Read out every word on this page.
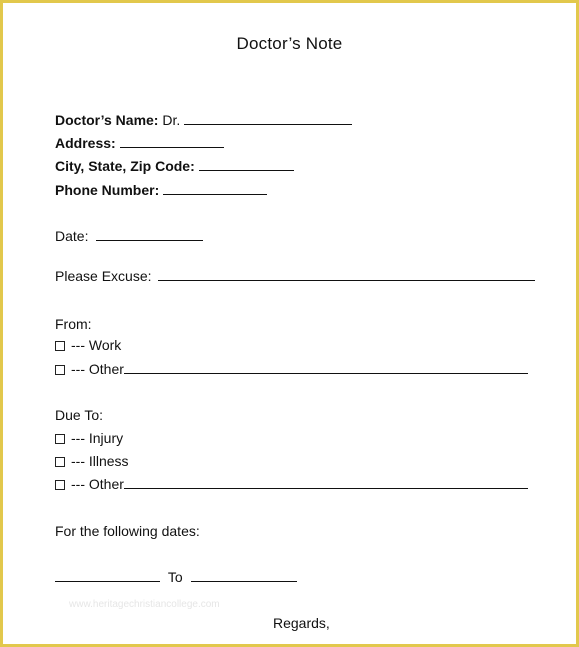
Doctor’s Note
Doctor’s Name: Dr.
Address:
City, State, Zip Code:
Phone Number:
Date:
Please Excuse:
From:
--- Work
--- Other
Due To:
--- Injury
--- Illness
--- Other
For the following dates:
To
www.heritagechristiancollege.com
Regards,
